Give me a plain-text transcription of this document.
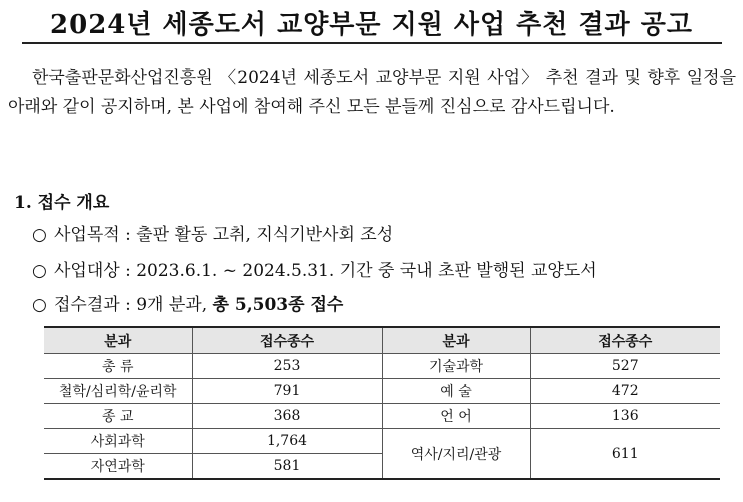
2024년 세종도서 교양부문 지원 사업 추천 결과 공고
한국출판문화산업진흥원 〈2024년 세종도서 교양부문 지원 사업〉 추천 결과 및 향후 일정을 아래와 같이 공지하며, 본 사업에 참여해 주신 모든 분들께 진심으로 감사드립니다.
1. 접수 개요
○ 사업목적 : 출판 활동 고취, 지식기반사회 조성
○ 사업대상 : 2023.6.1. ~ 2024.5.31. 기간 중 국내 초판 발행된 교양도서
○ 접수결과 : 9개 분과, 총 5,503종 접수
분과	접수종수	분과	접수종수
총 류	253	기술과학	527
철학/심리학/윤리학	791	예 술	472
종 교	368	언 어	136
사회과학	1,764	역사/지리/관광	611
자연과학	581		
